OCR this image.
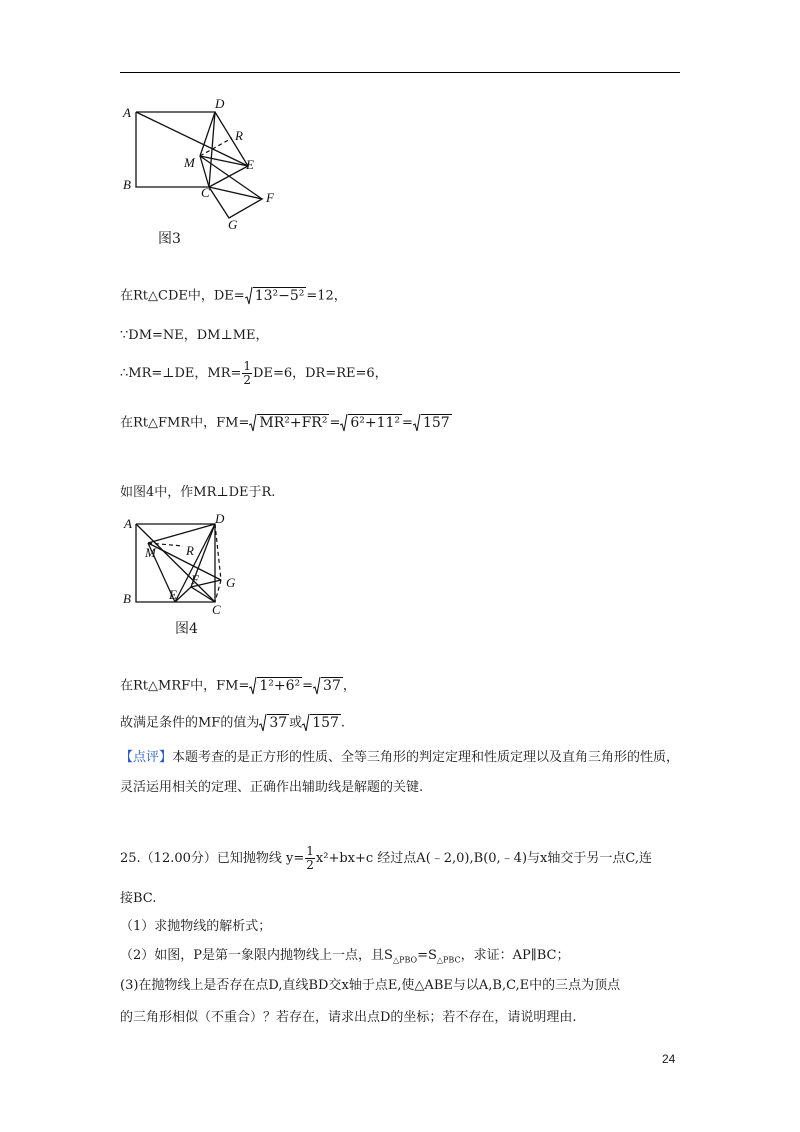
A
D
R
M	E
B
C	F
G
图3
在Rt△CDE中，DE= 13²−5² =12，
∵DM=NE，DM⊥ME，
∴MR=⊥DE，$MR= \frac{1}{2} DE=6$，DR=RE=6，
在Rt△FMR中，FM= MR²+FR² = 6²+11² = 157
如图4中，作MR⊥DE于R.
A	D
M R
F G
B	E
C
图4
在Rt△MRF中，FM= 1²+6² = 37 ，
故满足条件的MF的值为 37 或 157 .
【点评】本题考查的是正方形的性质、全等三角形的判定定理和性质定理以及直角三角形的性质，灵活运用相关的定理、正确作出辅助线是解题的关键.
25.（12.00分）已知抛物线 $y= \frac{1}{2} x^2+bx+c$ 经过点A(﹣2,0),B(0,﹣4)与x轴交于另一点C,连
接BC.
（1）求抛物线的解析式；
（2）如图，P是第一象限内抛物线上一点，且$S_{\triangle PBO}=S_{\triangle PBC}$，求证：AP∥BC；
(3)在抛物线上是否存在点D,直线BD交x轴于点E,使△ABE与以A,B,C,E中的三点为顶点
的三角形相似（不重合）？若存在，请求出点D的坐标；若不存在，请说明理由.
24
